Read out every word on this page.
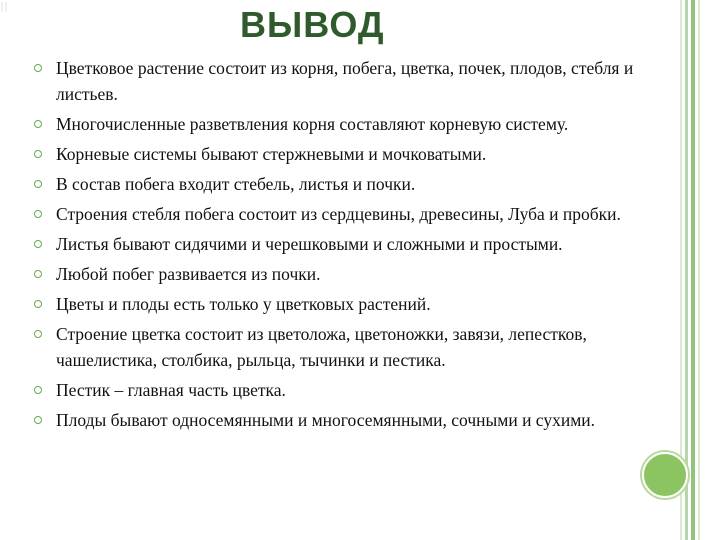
ВЫВОД
Цветковое растение состоит из корня, побега, цветка, почек, плодов, стебля и листьев.
Многочисленные разветвления корня составляют корневую систему.
Корневые системы бывают стержневыми и мочковатыми.
В состав побега входит стебель, листья и почки.
Строения стебля побега состоит из сердцевины, древесины, Луба и пробки.
Листья бывают сидячими и черешковыми и сложными и простыми.
Любой побег развивается из почки.
Цветы и плоды есть только у цветковых растений.
Строение цветка состоит из цветоложа, цветоножки, завязи, лепестков, чашелистика, столбика, рыльца, тычинки и пестика.
Пестик – главная часть цветка.
Плоды бывают односемянными и многосемянными, сочными и сухими.
